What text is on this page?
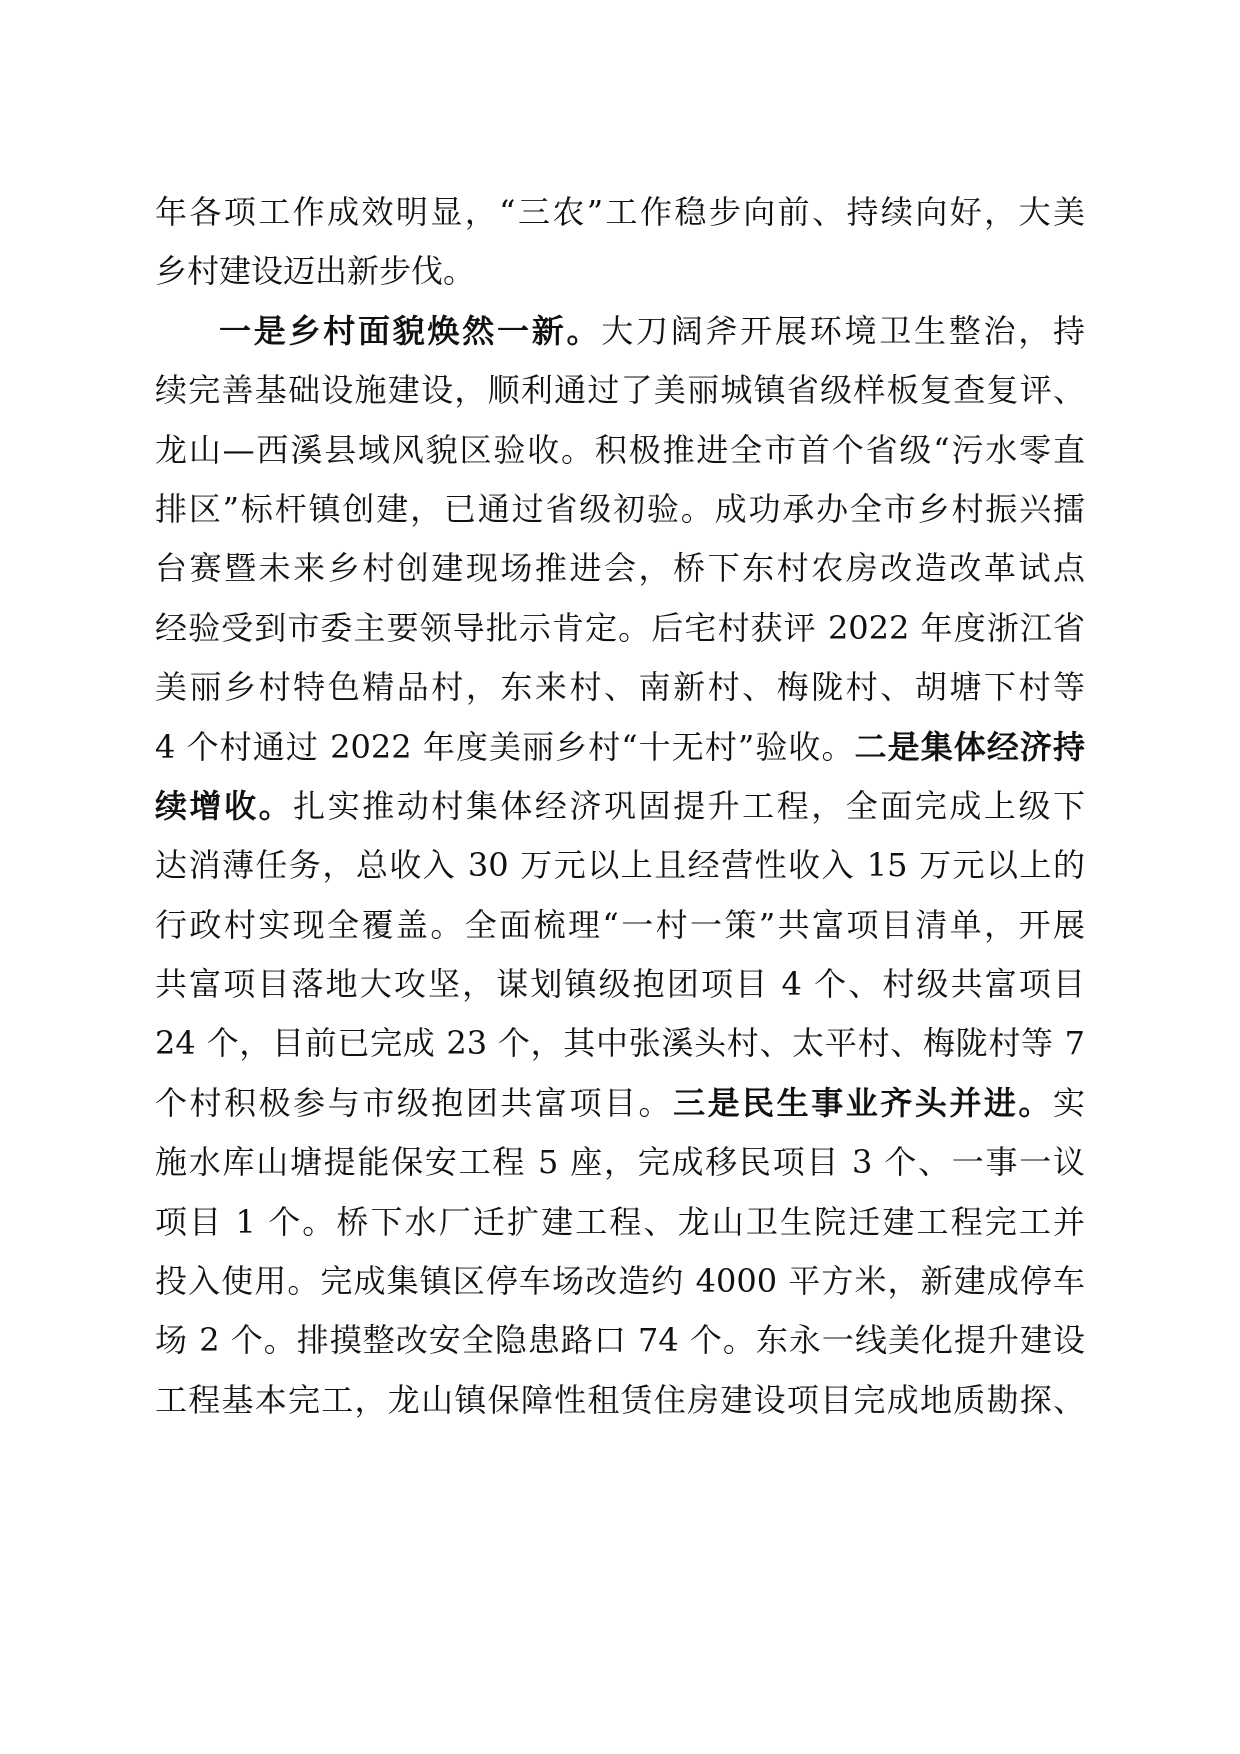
年各项工作成效明显，“三农”工作稳步向前、持续向好，大美
乡村建设迈出新步伐。
一是乡村面貌焕然一新。大刀阔斧开展环境卫生整治，持
续完善基础设施建设，顺利通过了美丽城镇省级样板复查复评、
龙山—西溪县域风貌区验收。积极推进全市首个省级“污水零直
排区”标杆镇创建，已通过省级初验。成功承办全市乡村振兴擂
台赛暨未来乡村创建现场推进会，桥下东村农房改造改革试点
经验受到市委主要领导批示肯定。后宅村获评 2022 年度浙江省
美丽乡村特色精品村，东来村、南新村、梅陇村、胡塘下村等
4 个村通过 2022 年度美丽乡村“十无村”验收。二是集体经济持
续增收。扎实推动村集体经济巩固提升工程，全面完成上级下
达消薄任务，总收入 30 万元以上且经营性收入 15 万元以上的
行政村实现全覆盖。全面梳理“一村一策”共富项目清单，开展
共富项目落地大攻坚，谋划镇级抱团项目 4 个、村级共富项目
24 个，目前已完成 23 个，其中张溪头村、太平村、梅陇村等 7
个村积极参与市级抱团共富项目。三是民生事业齐头并进。实
施水库山塘提能保安工程 5 座，完成移民项目 3 个、一事一议
项目 1 个。桥下水厂迁扩建工程、龙山卫生院迁建工程完工并
投入使用。完成集镇区停车场改造约 4000 平方米，新建成停车
场 2 个。排摸整改安全隐患路口 74 个。东永一线美化提升建设
工程基本完工，龙山镇保障性租赁住房建设项目完成地质勘探、
